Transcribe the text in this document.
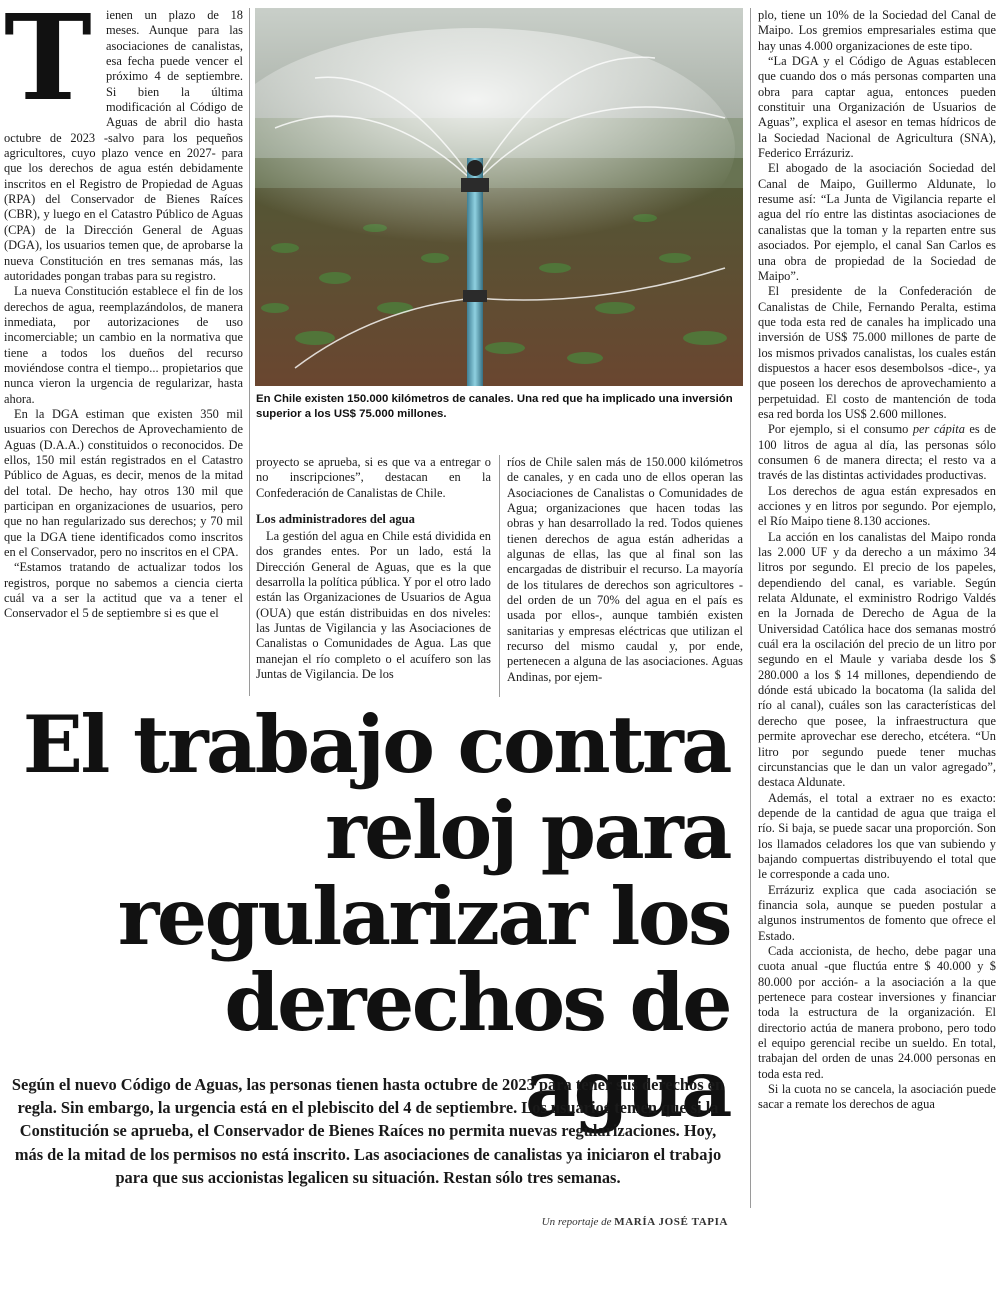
T	ienen un plazo de 18 meses. Aunque para las asociaciones de canalistas, esa fecha puede vencer el próximo 4 de septiembre. Si bien la última modificación al Código de Aguas de abril dio hasta octubre de 2023 -salvo para los pequeños agricultores, cuyo plazo vence en 2027- para que los derechos de agua estén debidamente inscritos en el Registro de Propiedad de Aguas (RPA) del Conservador de Bienes Raíces (CBR), y luego en el Catastro Público de Aguas (CPA) de la Dirección General de Aguas (DGA), los usuarios temen que, de aprobarse la nueva Constitución en tres semanas más, las autoridades pongan trabas para su registro.

La nueva Constitución establece el fin de los derechos de agua, reemplazándolos, de manera inmediata, por autorizaciones de uso incomerciable; un cambio en la normativa que tiene a todos los dueños del recurso moviéndose contra el tiempo... propietarios que nunca vieron la urgencia de regularizar, hasta ahora.

En la DGA estiman que existen 350 mil usuarios con Derechos de Aprovechamiento de Aguas (D.A.A.) constituidos o reconocidos. De ellos, 150 mil están registrados en el Catastro Público de Aguas, es decir, menos de la mitad del total. De hecho, hay otros 130 mil que participan en organizaciones de usuarios, pero que no han regularizado sus derechos; y 70 mil que la DGA tiene identificados como inscritos en el Conservador, pero no inscritos en el CPA.

“Estamos tratando de actualizar todos los registros, porque no sabemos a ciencia cierta cuál va a ser la actitud que va a tener el Conservador el 5 de septiembre si es que el

En Chile existen 150.000 kilómetros de canales. Una red que ha implicado una inversión superior a los US$ 75.000 millones.

proyecto se aprueba, si es que va a entregar o no inscripciones”, destacan en la Confederación de Canalistas de Chile.

Los administradores del agua

La gestión del agua en Chile está dividida en dos grandes entes. Por un lado, está la Dirección General de Aguas, que es la que desarrolla la política pública. Y por el otro lado están las Organizaciones de Usuarios de Agua (OUA) que están distribuidas en dos niveles: las Juntas de Vigilancia y las Asociaciones de Canalistas o Comunidades de Agua. Las que manejan el río completo o el acuífero son las Juntas de Vigilancia. De los

ríos de Chile salen más de 150.000 kilómetros de canales, y en cada uno de ellos operan las Asociaciones de Canalistas o Comunidades de Agua; organizaciones que hacen todas las obras y han desarrollado la red. Todos quienes tienen derechos de agua están adheridas a algunas de ellas, las que al final son las encargadas de distribuir el recurso. La mayoría de los titulares de derechos son agricultores -del orden de un 70% del agua en el país es usada por ellos-, aunque también existen sanitarias y empresas eléctricas que utilizan el recurso del mismo caudal y, por ende, pertenecen a alguna de las asociaciones. Aguas Andinas, por ejem-

plo, tiene un 10% de la Sociedad del Canal de Maipo. Los gremios empresariales estima que hay unas 4.000 organizaciones de este tipo.

“La DGA y el Código de Aguas establecen que cuando dos o más personas comparten una obra para captar agua, entonces pueden constituir una Organización de Usuarios de Aguas”, explica el asesor en temas hídricos de la Sociedad Nacional de Agricultura (SNA), Federico Errázuriz.

El abogado de la asociación Sociedad del Canal de Maipo, Guillermo Aldunate, lo resume así: “La Junta de Vigilancia reparte el agua del río entre las distintas asociaciones de canalistas que la toman y la reparten entre sus asociados. Por ejemplo, el canal San Carlos es una obra de propiedad de la Sociedad de Maipo”.

El presidente de la Confederación de Canalistas de Chile, Fernando Peralta, estima que toda esta red de canales ha implicado una inversión de US$ 75.000 millones de parte de los mismos privados canalistas, los cuales están dispuestos a hacer esos desembolsos -dice-, ya que poseen los derechos de aprovechamiento a perpetuidad. El costo de mantención de toda esa red borda los US$ 2.600 millones.

Por ejemplo, si el consumo per cápita es de 100 litros de agua al día, las personas sólo consumen 6 de manera directa; el resto va a través de las distintas actividades productivas.

Los derechos de agua están expresados en acciones y en litros por segundo. Por ejemplo, el Río Maipo tiene 8.130 acciones.

La acción en los canalistas del Maipo ronda las 2.000 UF y da derecho a un máximo 34 litros por segundo. El precio de los papeles, dependiendo del canal, es variable. Según relata Aldunate, el exministro Rodrigo Valdés en la Jornada de Derecho de Agua de la Universidad Católica hace dos semanas mostró cuál era la oscilación del precio de un litro por segundo en el Maule y variaba desde los $ 280.000 a los $ 14 millones, dependiendo de dónde está ubicado la bocatoma (la salida del río al canal), cuáles son las características del derecho que posee, la infraestructura que permite aprovechar ese derecho, etcétera. “Un litro por segundo puede tener muchas circunstancias que le dan un valor agregado”, destaca Aldunate.

Además, el total a extraer no es exacto: depende de la cantidad de agua que traiga el río. Si baja, se puede sacar una proporción. Son los llamados celadores los que van subiendo y bajando compuertas distribuyendo el total que le corresponde a cada uno.

Errázuriz explica que cada asociación se financia sola, aunque se pueden postular a algunos instrumentos de fomento que ofrece el Estado.

Cada accionista, de hecho, debe pagar una cuota anual -que fluctúa entre $ 40.000 y $ 80.000 por acción- a la asociación a la que pertenece para costear inversiones y financiar toda la estructura de la organización. El directorio actúa de manera probono, pero todo el equipo gerencial recibe un sueldo. En total, trabajan del orden de unas 24.000 personas en toda esta red.

Si la cuota no se cancela, la asociación puede sacar a remate los derechos de agua

El trabajo contra
reloj para
regularizar los
derechos de agua
Según el nuevo Código de Aguas, las personas tienen hasta octubre de 2023 para tener sus derechos en regla. Sin embargo, la urgencia está en el plebiscito del 4 de septiembre. Los usuarios temen que si la Constitución se aprueba, el Conservador de Bienes Raíces no permita nuevas regularizaciones. Hoy, más de la mitad de los permisos no está inscrito. Las asociaciones de canalistas ya iniciaron el trabajo para que sus accionistas legalicen su situación. Restan sólo tres semanas.
Un reportaje de MARÍA JOSÉ TAPIA
